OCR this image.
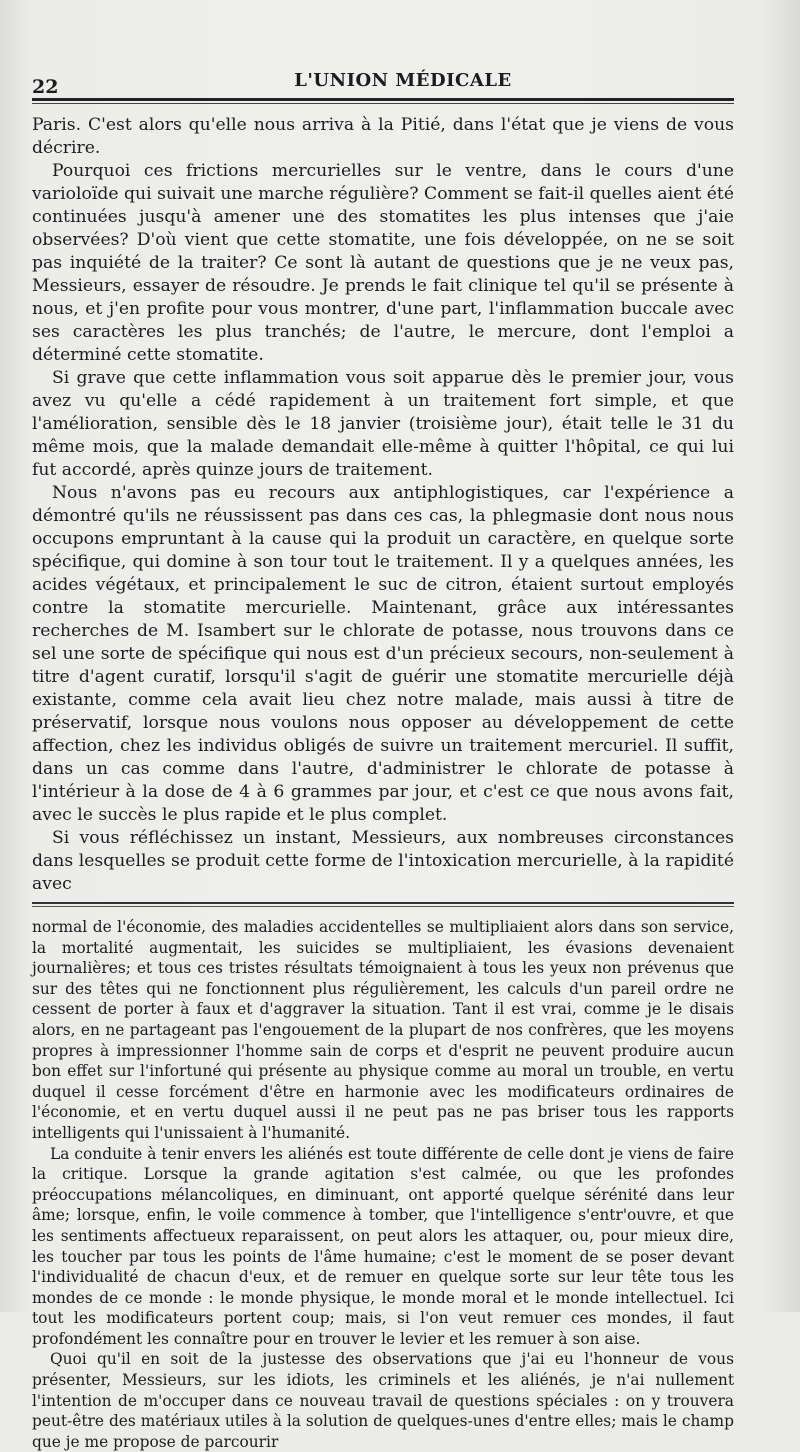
22	L'UNION MÉDICALE

Paris. C'est alors qu'elle nous arriva à la Pitié, dans l'état que je viens de vous décrire.

Pourquoi ces frictions mercurielles sur le ventre, dans le cours d'une varioloïde qui suivait une marche régulière? Comment se fait-il quelles aient été continuées jusqu'à amener une des stomatites les plus intenses que j'aie observées? D'où vient que cette stomatite, une fois développée, on ne se soit pas inquiété de la traiter? Ce sont là autant de questions que je ne veux pas, Messieurs, essayer de résoudre. Je prends le fait clinique tel qu'il se présente à nous, et j'en profite pour vous montrer, d'une part, l'inflammation buccale avec ses caractères les plus tranchés; de l'autre, le mercure, dont l'emploi a déterminé cette stomatite.

Si grave que cette inflammation vous soit apparue dès le premier jour, vous avez vu qu'elle a cédé rapidement à un traitement fort simple, et que l'amélioration, sensible dès le 18 janvier (troisième jour), était telle le 31 du même mois, que la malade demandait elle-même à quitter l'hôpital, ce qui lui fut accordé, après quinze jours de traitement.

Nous n'avons pas eu recours aux antiphlogistiques, car l'expérience a démontré qu'ils ne réussissent pas dans ces cas, la phlegmasie dont nous nous occupons empruntant à la cause qui la produit un caractère, en quelque sorte spécifique, qui domine à son tour tout le traitement. Il y a quelques années, les acides végétaux, et principalement le suc de citron, étaient surtout employés contre la stomatite mercurielle. Maintenant, grâce aux intéressantes recherches de M. Isambert sur le chlorate de potasse, nous trouvons dans ce sel une sorte de spécifique qui nous est d'un précieux secours, non-seulement à titre d'agent curatif, lorsqu'il s'agit de guérir une stomatite mercurielle déjà existante, comme cela avait lieu chez notre malade, mais aussi à titre de préservatif, lorsque nous voulons nous opposer au développement de cette affection, chez les individus obligés de suivre un traitement mercuriel. Il suffit, dans un cas comme dans l'autre, d'administrer le chlorate de potasse à l'intérieur à la dose de 4 à 6 grammes par jour, et c'est ce que nous avons fait, avec le succès le plus rapide et le plus complet.

Si vous réfléchissez un instant, Messieurs, aux nombreuses circonstances dans lesquelles se produit cette forme de l'intoxication mercurielle, à la rapidité avec

normal de l'économie, des maladies accidentelles se multipliaient alors dans son service, la mortalité augmentait, les suicides se multipliaient, les évasions devenaient journalières; et tous ces tristes résultats témoignaient à tous les yeux non prévenus que sur des têtes qui ne fonctionnent plus régulièrement, les calculs d'un pareil ordre ne cessent de porter à faux et d'aggraver la situation. Tant il est vrai, comme je le disais alors, en ne partageant pas l'engouement de la plupart de nos confrères, que les moyens propres à impressionner l'homme sain de corps et d'esprit ne peuvent produire aucun bon effet sur l'infortuné qui présente au physique comme au moral un trouble, en vertu duquel il cesse forcément d'être en harmonie avec les modificateurs ordinaires de l'économie, et en vertu duquel aussi il ne peut pas ne pas briser tous les rapports intelligents qui l'unissaient à l'humanité.

La conduite à tenir envers les aliénés est toute différente de celle dont je viens de faire la critique. Lorsque la grande agitation s'est calmée, ou que les profondes préoccupations mélancoliques, en diminuant, ont apporté quelque sérénité dans leur âme; lorsque, enfin, le voile commence à tomber, que l'intelligence s'entr'ouvre, et que les sentiments affectueux reparaissent, on peut alors les attaquer, ou, pour mieux dire, les toucher par tous les points de l'âme humaine; c'est le moment de se poser devant l'individualité de chacun d'eux, et de remuer en quelque sorte sur leur tête tous les mondes de ce monde : le monde physique, le monde moral et le monde intellectuel. Ici tout les modificateurs portent coup; mais, si l'on veut remuer ces mondes, il faut profondément les connaître pour en trouver le levier et les remuer à son aise.

Quoi qu'il en soit de la justesse des observations que j'ai eu l'honneur de vous présenter, Messieurs, sur les idiots, les criminels et les aliénés, je n'ai nullement l'intention de m'occuper dans ce nouveau travail de questions spéciales : on y trouvera peut-être des matériaux utiles à la solution de quelques-unes d'entre elles; mais le champ que je me propose de parcourir
